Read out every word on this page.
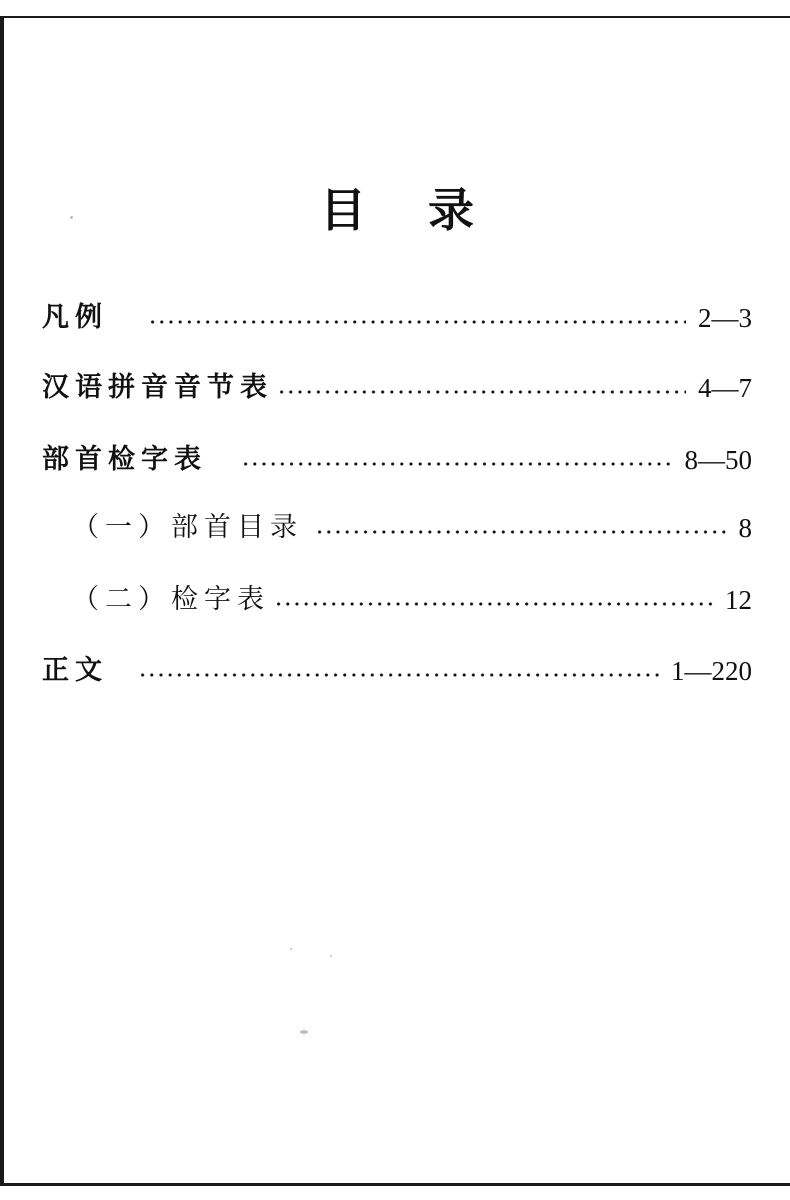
目 录
凡例	2—3
汉语拼音音节表	4—7
部首检字表	8—50
（一）部首目录	8
（二）检字表	12
正文	1—220
